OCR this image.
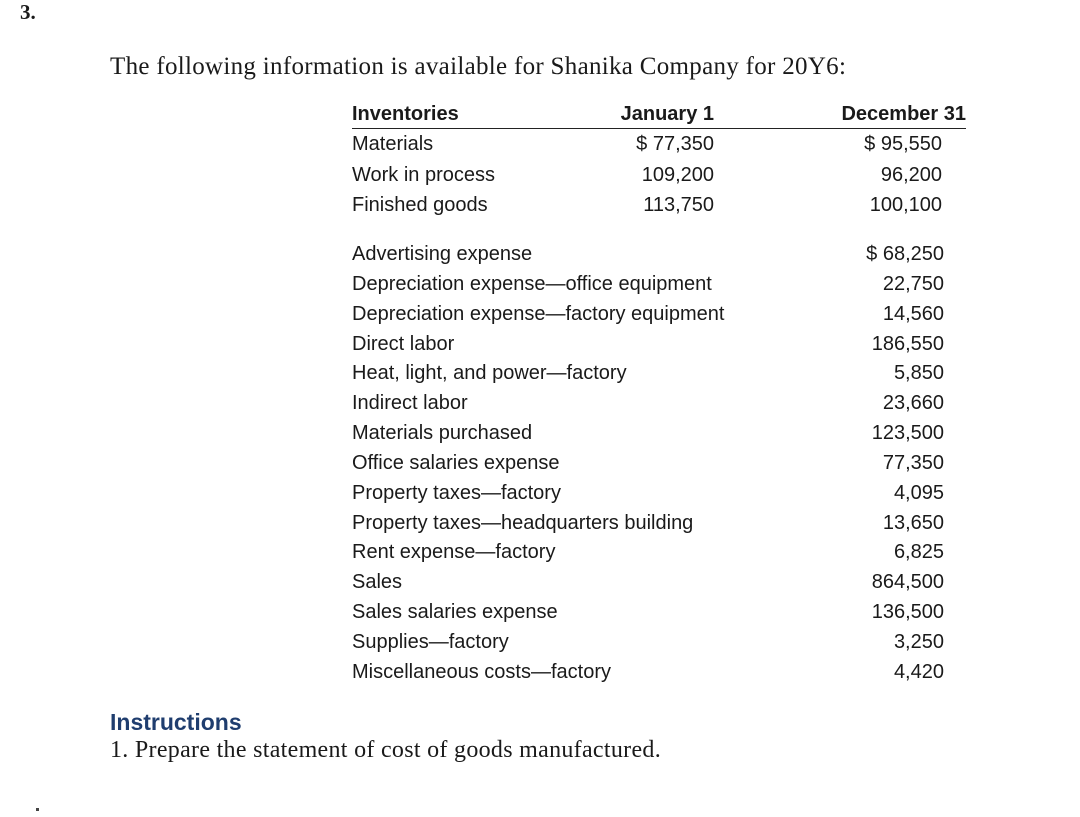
3.
The following information is available for Shanika Company for 20Y6:
Inventories	January 1	December 31
Materials	$ 77,350	$ 95,550
Work in process	109,200	96,200
Finished goods	113,750	100,100
Advertising expense	$ 68,250
Depreciation expense—office equipment	22,750
Depreciation expense—factory equipment	14,560
Direct labor	186,550
Heat, light, and power—factory	5,850
Indirect labor	23,660
Materials purchased	123,500
Office salaries expense	77,350
Property taxes—factory	4,095
Property taxes—headquarters building	13,650
Rent expense—factory	6,825
Sales	864,500
Sales salaries expense	136,500
Supplies—factory	3,250
Miscellaneous costs—factory	4,420
Instructions
1. Prepare the statement of cost of goods manufactured.
